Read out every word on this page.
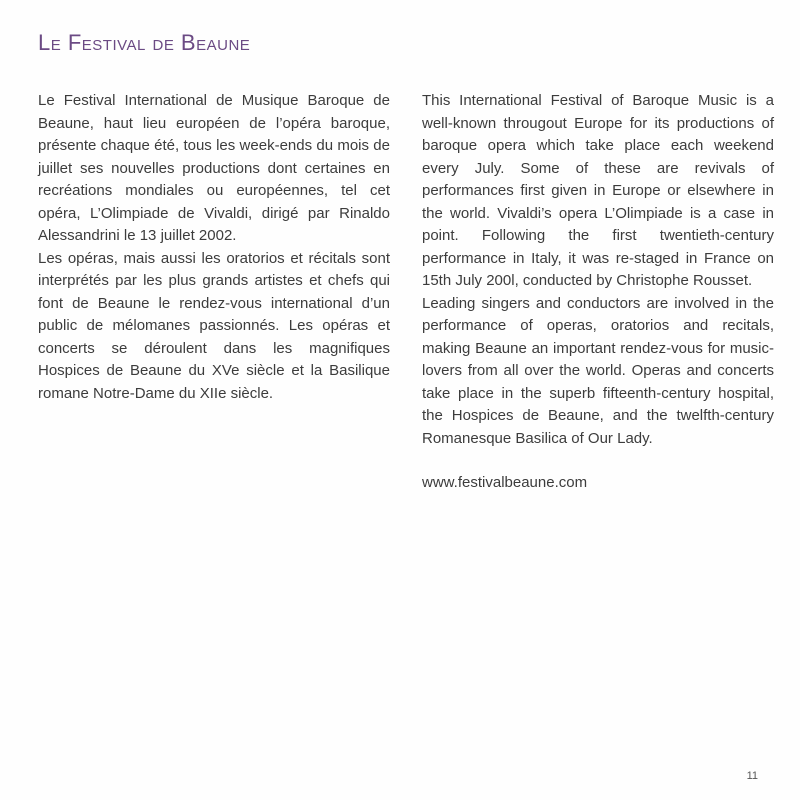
Le Festival de Beaune

Le Festival International de Musique Baroque de Beaune, haut lieu européen de l’opéra baroque, présente chaque été, tous les week-ends du mois de juillet ses nouvelles productions dont certaines en recréations mondiales ou européennes, tel cet opéra, L’Olimpiade de Vivaldi, dirigé par Rinaldo Alessandrini le 13 juillet 2002.

Les opéras, mais aussi les oratorios et récitals sont interprétés par les plus grands artistes et chefs qui font de Beaune le rendez-vous international d’un public de mélomanes passionnés. Les opéras et concerts se déroulent dans les magnifiques Hospices de Beaune du XVe siècle et la Basilique romane Notre-Dame du XIIe siècle.

This International Festival of Baroque Music is a well-known througout Europe for its productions of baroque opera which take place each weekend every July. Some of these are revivals of performances first given in Europe or elsewhere in the world. Vivaldi’s opera L’Olimpiade is a case in point. Following the first twentieth-century performance in Italy, it was re-staged in France on 15th July 200l, conducted by Christophe Rousset.

Leading singers and conductors are involved in the performance of operas, oratorios and recitals, making Beaune an important rendez-vous for music-lovers from all over the world. Operas and concerts take place in the superb fifteenth-century hospital, the Hospices de Beaune, and the twelfth-century Romanesque Basilica of Our Lady.

www.festivalbeaune.com

11
